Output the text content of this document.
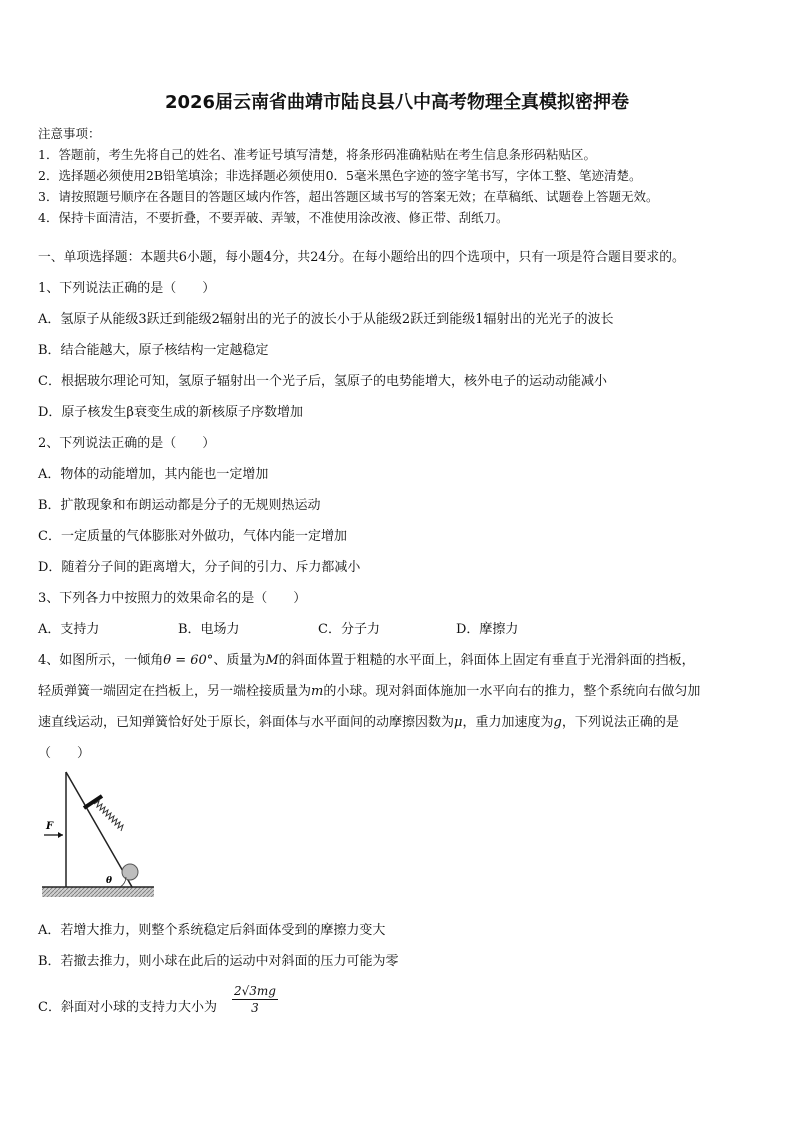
2026届云南省曲靖市陆良县八中高考物理全真模拟密押卷
注意事项：
1．答题前，考生先将自己的姓名、准考证号填写清楚，将条形码准确粘贴在考生信息条形码粘贴区。
2．选择题必须使用2B铅笔填涂；非选择题必须使用0．5毫米黑色字迹的签字笔书写，字体工整、笔迹清楚。
3．请按照题号顺序在各题目的答题区域内作答，超出答题区域书写的答案无效；在草稿纸、试题卷上答题无效。
4．保持卡面清洁，不要折叠，不要弄破、弄皱，不准使用涂改液、修正带、刮纸刀。
一、单项选择题：本题共6小题，每小题4分，共24分。在每小题给出的四个选项中，只有一项是符合题目要求的。
1、下列说法正确的是（　　）
A．氢原子从能级3跃迁到能级2辐射出的光子的波长小于从能级2跃迁到能级1辐射出的光光子的波长
B．结合能越大，原子核结构一定越稳定
C．根据玻尔理论可知，氢原子辐射出一个光子后，氢原子的电势能增大，核外电子的运动动能减小
D．原子核发生β衰变生成的新核原子序数增加
2、下列说法正确的是（　　）
A．物体的动能增加，其内能也一定增加
B．扩散现象和布朗运动都是分子的无规则热运动
C．一定质量的气体膨胀对外做功，气体内能一定增加
D．随着分子间的距离增大，分子间的引力、斥力都减小
3、下列各力中按照力的效果命名的是（　　）
A．支持力	B．电场力	C．分子力	D．摩擦力
4、如图所示，一倾角θ = 60°、质量为M的斜面体置于粗糙的水平面上，斜面体上固定有垂直于光滑斜面的挡板，
轻质弹簧一端固定在挡板上，另一端栓接质量为m的小球。现对斜面体施加一水平向右的推力，整个系统向右做匀加
速直线运动，已知弹簧恰好处于原长，斜面体与水平面间的动摩擦因数为μ，重力加速度为g，下列说法正确的是
（　　）
F
θ
A．若增大推力，则整个系统稳定后斜面体受到的摩擦力变大
B．若撤去推力，则小球在此后的运动中对斜面的压力可能为零
C．斜面对小球的支持力大小为 $\frac{2√3mg}{3}$
